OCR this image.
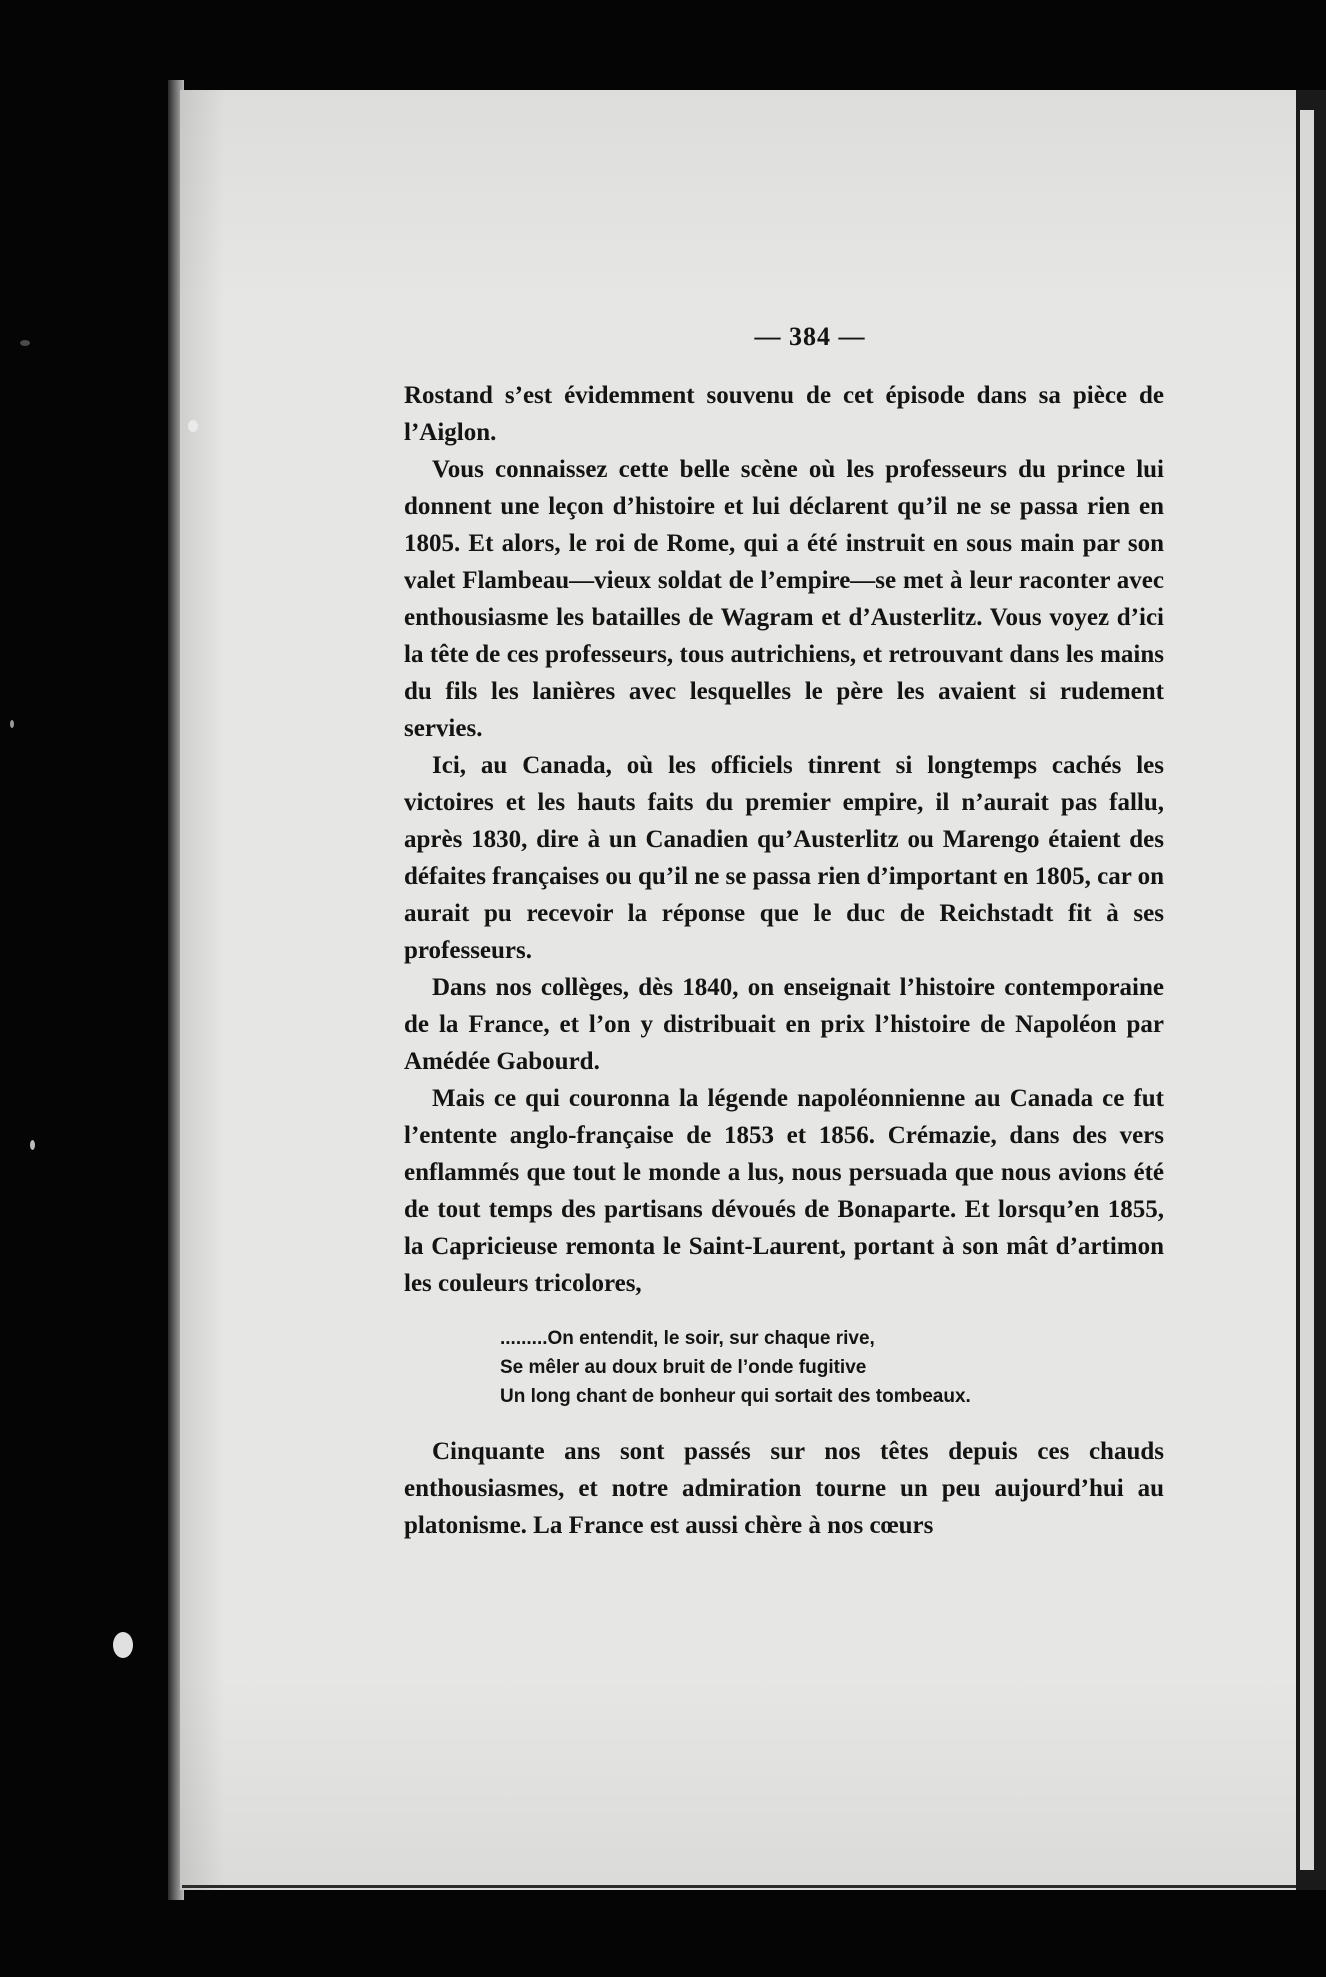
— 384 —

Rostand s’est évidemment souvenu de cet épisode dans sa pièce de l’Aiglon.

Vous connaissez cette belle scène où les professeurs du prince lui donnent une leçon d’histoire et lui déclarent qu’il ne se passa rien en 1805. Et alors, le roi de Rome, qui a été instruit en sous main par son valet Flambeau—vieux soldat de l’empire—se met à leur raconter avec enthousiasme les batailles de Wagram et d’Austerlitz. Vous voyez d’ici la tête de ces professeurs, tous autrichiens, et retrouvant dans les mains du fils les lanières avec lesquelles le père les avaient si rudement servies.

Ici, au Canada, où les officiels tinrent si longtemps cachés les victoires et les hauts faits du premier empire, il n’aurait pas fallu, après 1830, dire à un Canadien qu’Austerlitz ou Marengo étaient des défaites françaises ou qu’il ne se passa rien d’important en 1805, car on aurait pu recevoir la réponse que le duc de Reichstadt fit à ses professeurs.

Dans nos collèges, dès 1840, on enseignait l’histoire contemporaine de la France, et l’on y distribuait en prix l’histoire de Napoléon par Amédée Gabourd.

Mais ce qui couronna la légende napoléonnienne au Canada ce fut l’entente anglo-française de 1853 et 1856. Crémazie, dans des vers enflammés que tout le monde a lus, nous persuada que nous avions été de tout temps des partisans dévoués de Bonaparte. Et lorsqu’en 1855, la Capricieuse remonta le Saint-Laurent, portant à son mât d’artimon les couleurs tricolores,

.........On entendit, le soir, sur chaque rive,
Se mêler au doux bruit de l’onde fugitive
Un long chant de bonheur qui sortait des tombeaux.

Cinquante ans sont passés sur nos têtes depuis ces chauds enthousiasmes, et notre admiration tourne un peu aujourd’hui au platonisme. La France est aussi chère à nos cœurs
